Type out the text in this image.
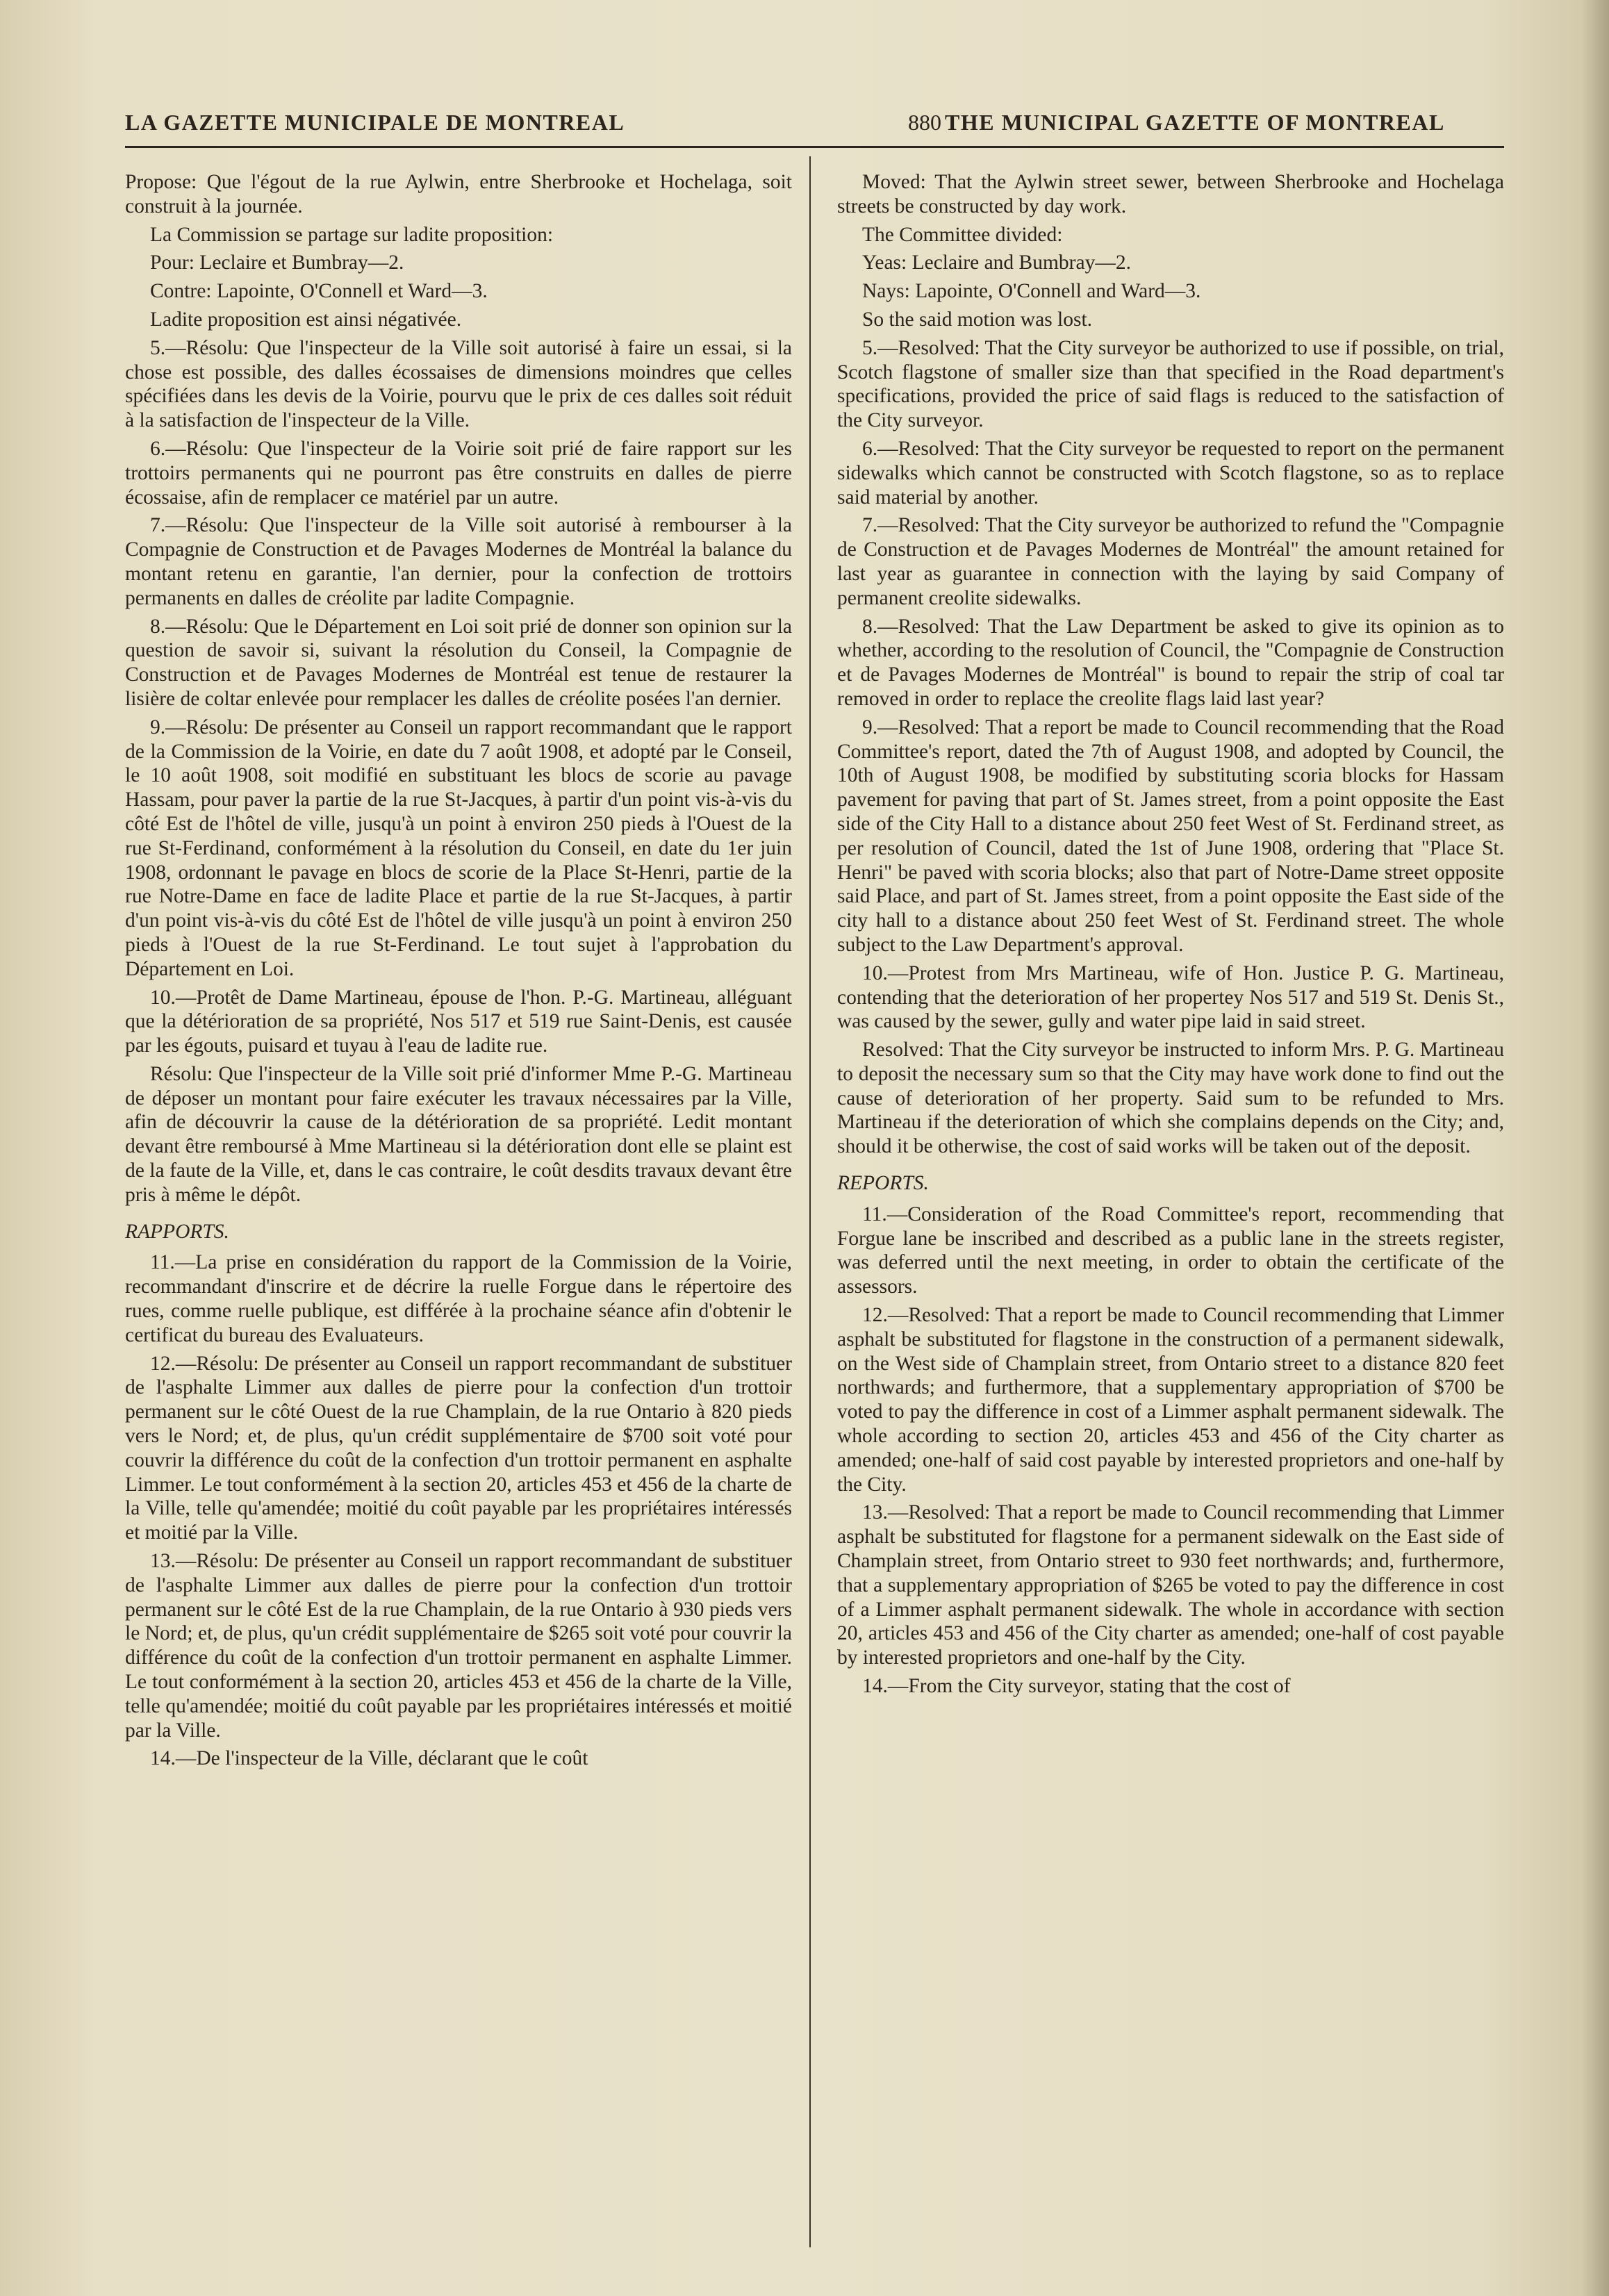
LA GAZETTE MUNICIPALE DE MONTREAL	880 THE MUNICIPAL GAZETTE OF MONTREAL

Propose: Que l'égout de la rue Aylwin, entre Sherbrooke et Hochelaga, soit construit à la journée.

La Commission se partage sur ladite proposition:

Pour: Leclaire et Bumbray—2.

Contre: Lapointe, O'Connell et Ward—3.

Ladite proposition est ainsi négativée.

5.—Résolu: Que l'inspecteur de la Ville soit autorisé à faire un essai, si la chose est possible, des dalles écossaises de dimensions moindres que celles spécifiées dans les devis de la Voirie, pourvu que le prix de ces dalles soit réduit à la satisfaction de l'inspecteur de la Ville.

6.—Résolu: Que l'inspecteur de la Voirie soit prié de faire rapport sur les trottoirs permanents qui ne pourront pas être construits en dalles de pierre écossaise, afin de remplacer ce matériel par un autre.

7.—Résolu: Que l'inspecteur de la Ville soit autorisé à rembourser à la Compagnie de Construction et de Pavages Modernes de Montréal la balance du montant retenu en garantie, l'an dernier, pour la confection de trottoirs permanents en dalles de créolite par ladite Compagnie.

8.—Résolu: Que le Département en Loi soit prié de donner son opinion sur la question de savoir si, suivant la résolution du Conseil, la Compagnie de Construction et de Pavages Modernes de Montréal est tenue de restaurer la lisière de coltar enlevée pour remplacer les dalles de créolite posées l'an dernier.

9.—Résolu: De présenter au Conseil un rapport recommandant que le rapport de la Commission de la Voirie, en date du 7 août 1908, et adopté par le Conseil, le 10 août 1908, soit modifié en substituant les blocs de scorie au pavage Hassam, pour paver la partie de la rue St-Jacques, à partir d'un point vis-à-vis du côté Est de l'hôtel de ville, jusqu'à un point à environ 250 pieds à l'Ouest de la rue St-Ferdinand, conformément à la résolution du Conseil, en date du 1er juin 1908, ordonnant le pavage en blocs de scorie de la Place St-Henri, partie de la rue Notre-Dame en face de ladite Place et partie de la rue St-Jacques, à partir d'un point vis-à-vis du côté Est de l'hôtel de ville jusqu'à un point à environ 250 pieds à l'Ouest de la rue St-Ferdinand. Le tout sujet à l'approbation du Département en Loi.

10.—Protêt de Dame Martineau, épouse de l'hon. P.-G. Martineau, alléguant que la détérioration de sa propriété, Nos 517 et 519 rue Saint-Denis, est causée par les égouts, puisard et tuyau à l'eau de ladite rue.

Résolu: Que l'inspecteur de la Ville soit prié d'informer Mme P.-G. Martineau de déposer un montant pour faire exécuter les travaux nécessaires par la Ville, afin de découvrir la cause de la détérioration de sa propriété. Ledit montant devant être remboursé à Mme Martineau si la détérioration dont elle se plaint est de la faute de la Ville, et, dans le cas contraire, le coût desdits travaux devant être pris à même le dépôt.

RAPPORTS.

11.—La prise en considération du rapport de la Commission de la Voirie, recommandant d'inscrire et de décrire la ruelle Forgue dans le répertoire des rues, comme ruelle publique, est différée à la prochaine séance afin d'obtenir le certificat du bureau des Evaluateurs.

12.—Résolu: De présenter au Conseil un rapport recommandant de substituer de l'asphalte Limmer aux dalles de pierre pour la confection d'un trottoir permanent sur le côté Ouest de la rue Champlain, de la rue Ontario à 820 pieds vers le Nord; et, de plus, qu'un crédit supplémentaire de $700 soit voté pour couvrir la différence du coût de la confection d'un trottoir permanent en asphalte Limmer. Le tout conformément à la section 20, articles 453 et 456 de la charte de la Ville, telle qu'amendée; moitié du coût payable par les propriétaires intéressés et moitié par la Ville.

13.—Résolu: De présenter au Conseil un rapport recommandant de substituer de l'asphalte Limmer aux dalles de pierre pour la confection d'un trottoir permanent sur le côté Est de la rue Champlain, de la rue Ontario à 930 pieds vers le Nord; et, de plus, qu'un crédit supplémentaire de $265 soit voté pour couvrir la différence du coût de la confection d'un trottoir permanent en asphalte Limmer. Le tout conformément à la section 20, articles 453 et 456 de la charte de la Ville, telle qu'amendée; moitié du coût payable par les propriétaires intéressés et moitié par la Ville.

14.—De l'inspecteur de la Ville, déclarant que le coût

Moved: That the Aylwin street sewer, between Sherbrooke and Hochelaga streets be constructed by day work.

The Committee divided:

Yeas: Leclaire and Bumbray—2.

Nays: Lapointe, O'Connell and Ward—3.

So the said motion was lost.

5.—Resolved: That the City surveyor be authorized to use if possible, on trial, Scotch flagstone of smaller size than that specified in the Road department's specifications, provided the price of said flags is reduced to the satisfaction of the City surveyor.

6.—Resolved: That the City surveyor be requested to report on the permanent sidewalks which cannot be constructed with Scotch flagstone, so as to replace said material by another.

7.—Resolved: That the City surveyor be authorized to refund the "Compagnie de Construction et de Pavages Modernes de Montréal" the amount retained for last year as guarantee in connection with the laying by said Company of permanent creolite sidewalks.

8.—Resolved: That the Law Department be asked to give its opinion as to whether, according to the resolution of Council, the "Compagnie de Construction et de Pavages Modernes de Montréal" is bound to repair the strip of coal tar removed in order to replace the creolite flags laid last year?

9.—Resolved: That a report be made to Council recommending that the Road Committee's report, dated the 7th of August 1908, and adopted by Council, the 10th of August 1908, be modified by substituting scoria blocks for Hassam pavement for paving that part of St. James street, from a point opposite the East side of the City Hall to a distance about 250 feet West of St. Ferdinand street, as per resolution of Council, dated the 1st of June 1908, ordering that "Place St. Henri" be paved with scoria blocks; also that part of Notre-Dame street opposite said Place, and part of St. James street, from a point opposite the East side of the city hall to a distance about 250 feet West of St. Ferdinand street. The whole subject to the Law Department's approval.

10.—Protest from Mrs Martineau, wife of Hon. Justice P. G. Martineau, contending that the deterioration of her propertey Nos 517 and 519 St. Denis St., was caused by the sewer, gully and water pipe laid in said street.

Resolved: That the City surveyor be instructed to inform Mrs. P. G. Martineau to deposit the necessary sum so that the City may have work done to find out the cause of deterioration of her property. Said sum to be refunded to Mrs. Martineau if the deterioration of which she complains depends on the City; and, should it be otherwise, the cost of said works will be taken out of the deposit.

REPORTS.

11.—Consideration of the Road Committee's report, recommending that Forgue lane be inscribed and described as a public lane in the streets register, was deferred until the next meeting, in order to obtain the certificate of the assessors.

12.—Resolved: That a report be made to Council recommending that Limmer asphalt be substituted for flagstone in the construction of a permanent sidewalk, on the West side of Champlain street, from Ontario street to a distance 820 feet northwards; and furthermore, that a supplementary appropriation of $700 be voted to pay the difference in cost of a Limmer asphalt permanent sidewalk. The whole according to section 20, articles 453 and 456 of the City charter as amended; one-half of said cost payable by interested proprietors and one-half by the City.

13.—Resolved: That a report be made to Council recommending that Limmer asphalt be substituted for flagstone for a permanent sidewalk on the East side of Champlain street, from Ontario street to 930 feet northwards; and, furthermore, that a supplementary appropriation of $265 be voted to pay the difference in cost of a Limmer asphalt permanent sidewalk. The whole in accordance with section 20, articles 453 and 456 of the City charter as amended; one-half of cost payable by interested proprietors and one-half by the City.

14.—From the City surveyor, stating that the cost of
